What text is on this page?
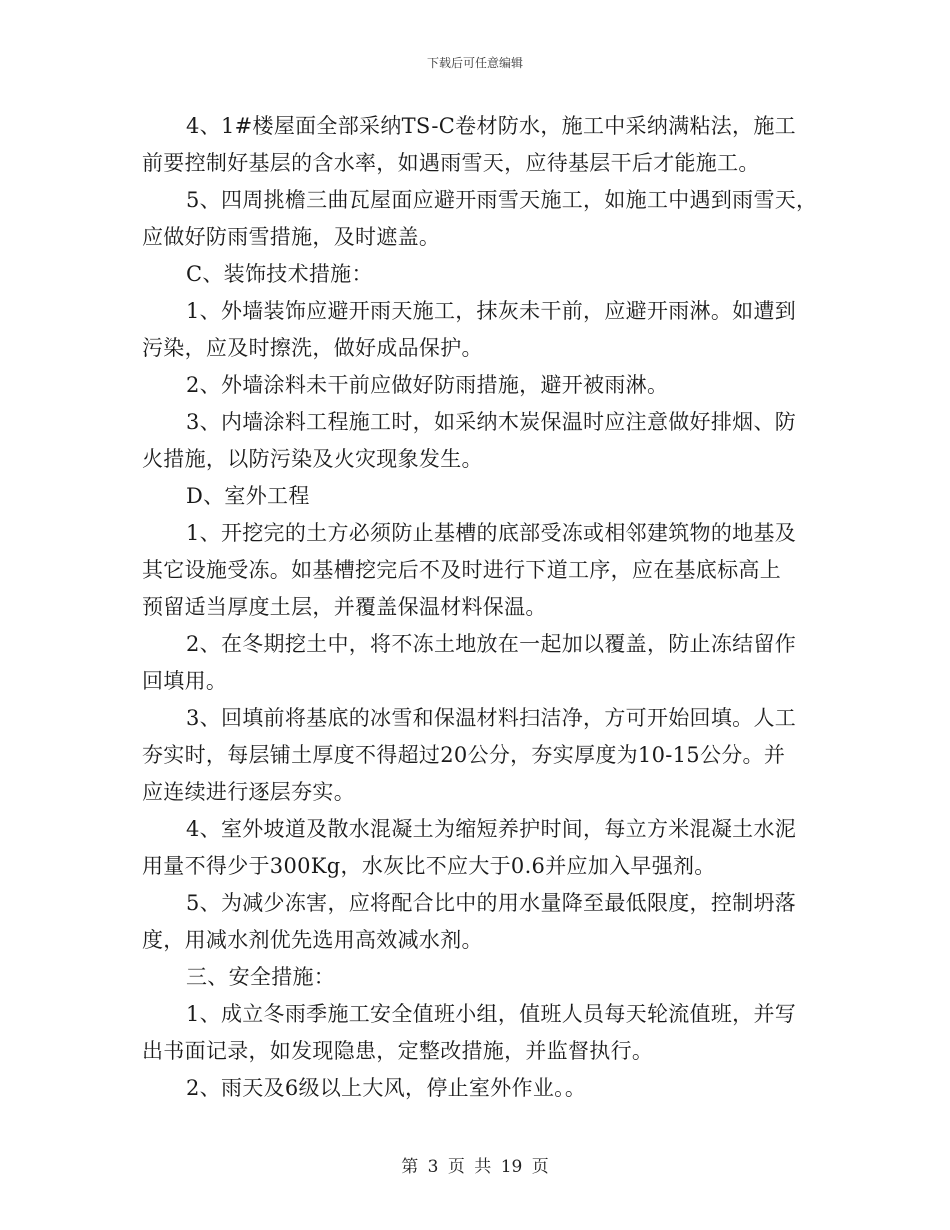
下载后可任意编辑
4、1#楼屋面全部采纳TS-C卷材防水，施工中采纳满粘法，施工
前要控制好基层的含水率，如遇雨雪天，应待基层干后才能施工。
5、四周挑檐三曲瓦屋面应避开雨雪天施工，如施工中遇到雨雪天，
应做好防雨雪措施，及时遮盖。
C、装饰技术措施：
1、外墙装饰应避开雨天施工，抹灰未干前，应避开雨淋。如遭到
污染，应及时擦洗，做好成品保护。
2、外墙涂料未干前应做好防雨措施，避开被雨淋。
3、内墙涂料工程施工时，如采纳木炭保温时应注意做好排烟、防
火措施，以防污染及火灾现象发生。
D、室外工程
1、开挖完的土方必须防止基槽的底部受冻或相邻建筑物的地基及
其它设施受冻。如基槽挖完后不及时进行下道工序，应在基底标高上
预留适当厚度土层，并覆盖保温材料保温。
2、在冬期挖土中，将不冻土地放在一起加以覆盖，防止冻结留作
回填用。
3、回填前将基底的冰雪和保温材料扫洁净，方可开始回填。人工
夯实时，每层铺土厚度不得超过20公分，夯实厚度为10-15公分。并
应连续进行逐层夯实。
4、室外坡道及散水混凝土为缩短养护时间，每立方米混凝土水泥
用量不得少于300Kg，水灰比不应大于0.6并应加入早强剂。
5、为减少冻害，应将配合比中的用水量降至最低限度，控制坍落
度，用减水剂优先选用高效减水剂。
三、安全措施：
1、成立冬雨季施工安全值班小组，值班人员每天轮流值班，并写
出书面记录，如发现隐患，定整改措施，并监督执行。
2、雨天及6级以上大风，停止室外作业。。
第 3 页 共 19 页
